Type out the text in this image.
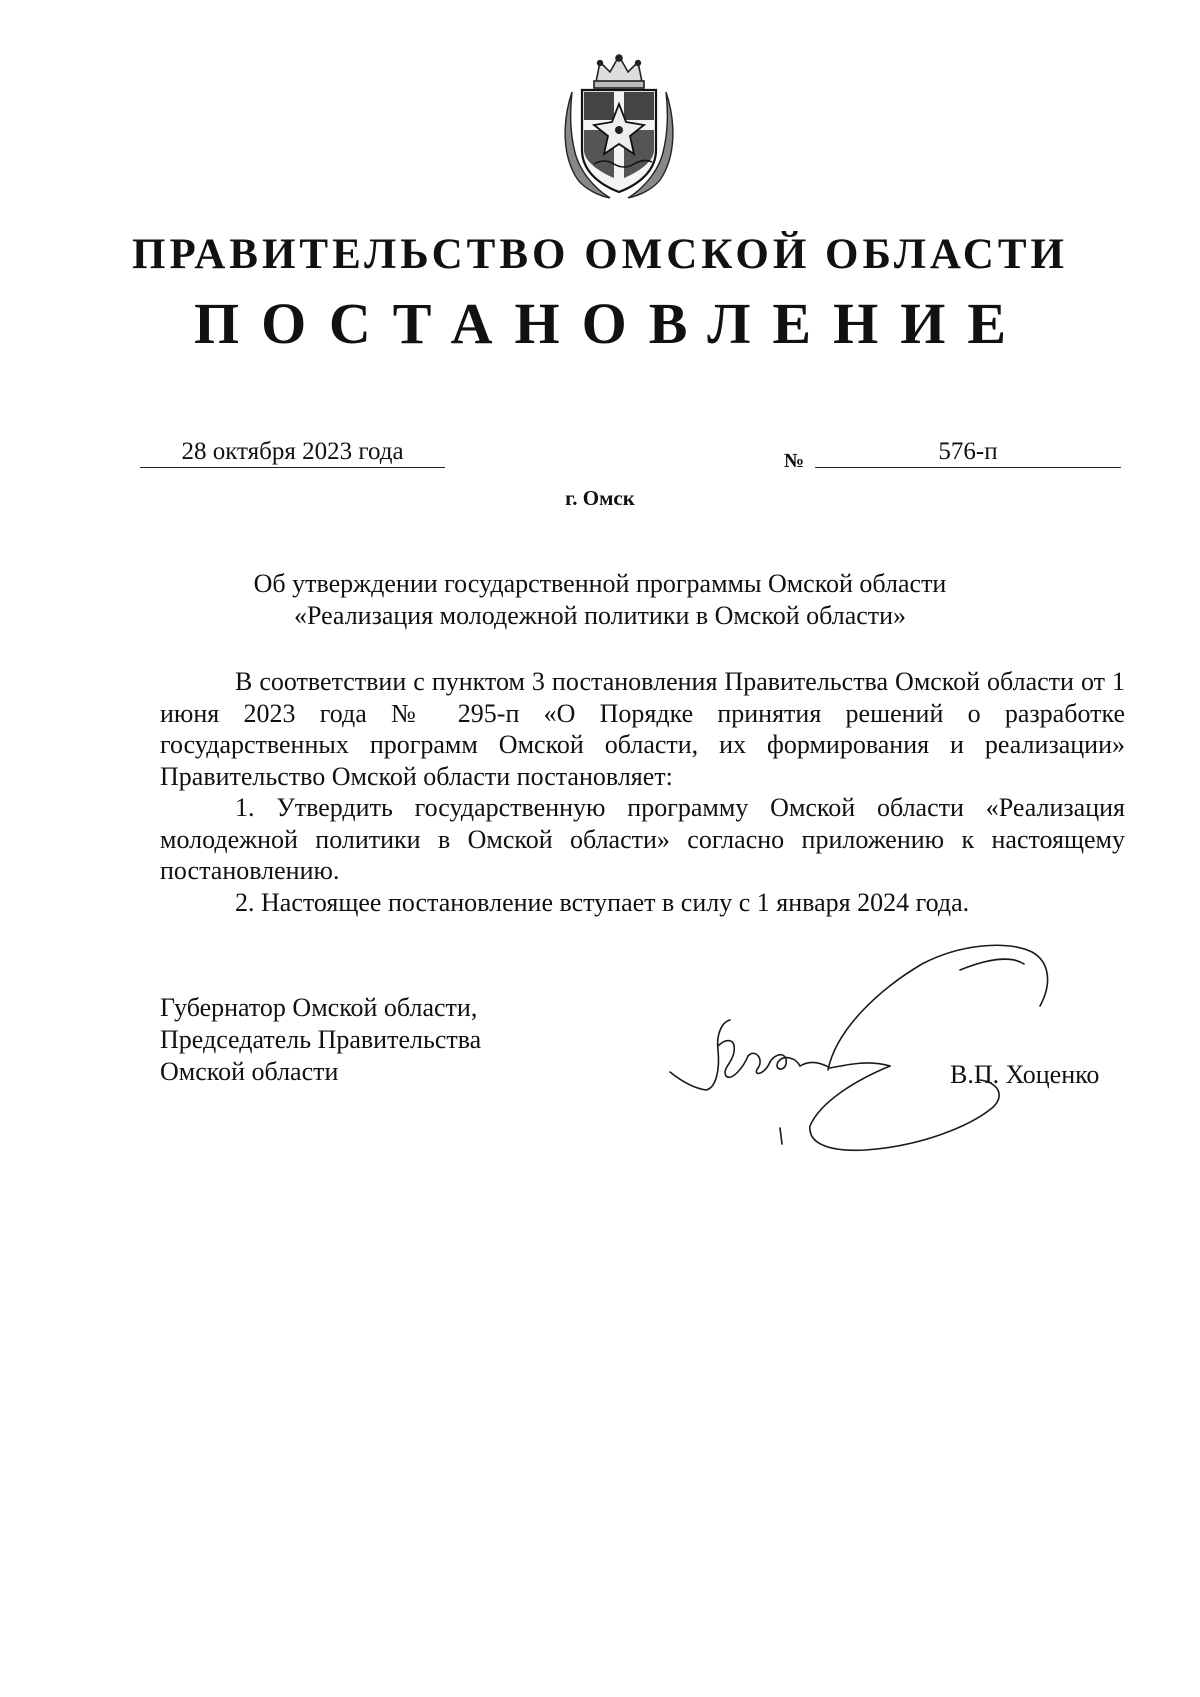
ПРАВИТЕЛЬСТВО ОМСКОЙ ОБЛАСТИ
ПОСТАНОВЛЕНИЕ
28 октября 2023 года	№	576-п
г. Омск
Об утверждении государственной программы Омской области
«Реализация молодежной политики в Омской области»

В соответствии с пунктом 3 постановления Правительства Омской области от 1 июня 2023 года № 295-п «О Порядке принятия решений о разработке государственных программ Омской области, их формирования и реализации» Правительство Омской области постановляет:

1. Утвердить государственную программу Омской области «Реализация молодежной политики в Омской области» согласно приложению к настоящему постановлению.

2. Настоящее постановление вступает в силу с 1 января 2024 года.

Губернатор Омской области,
Председатель Правительства
Омской области	В.П. Хоценко
